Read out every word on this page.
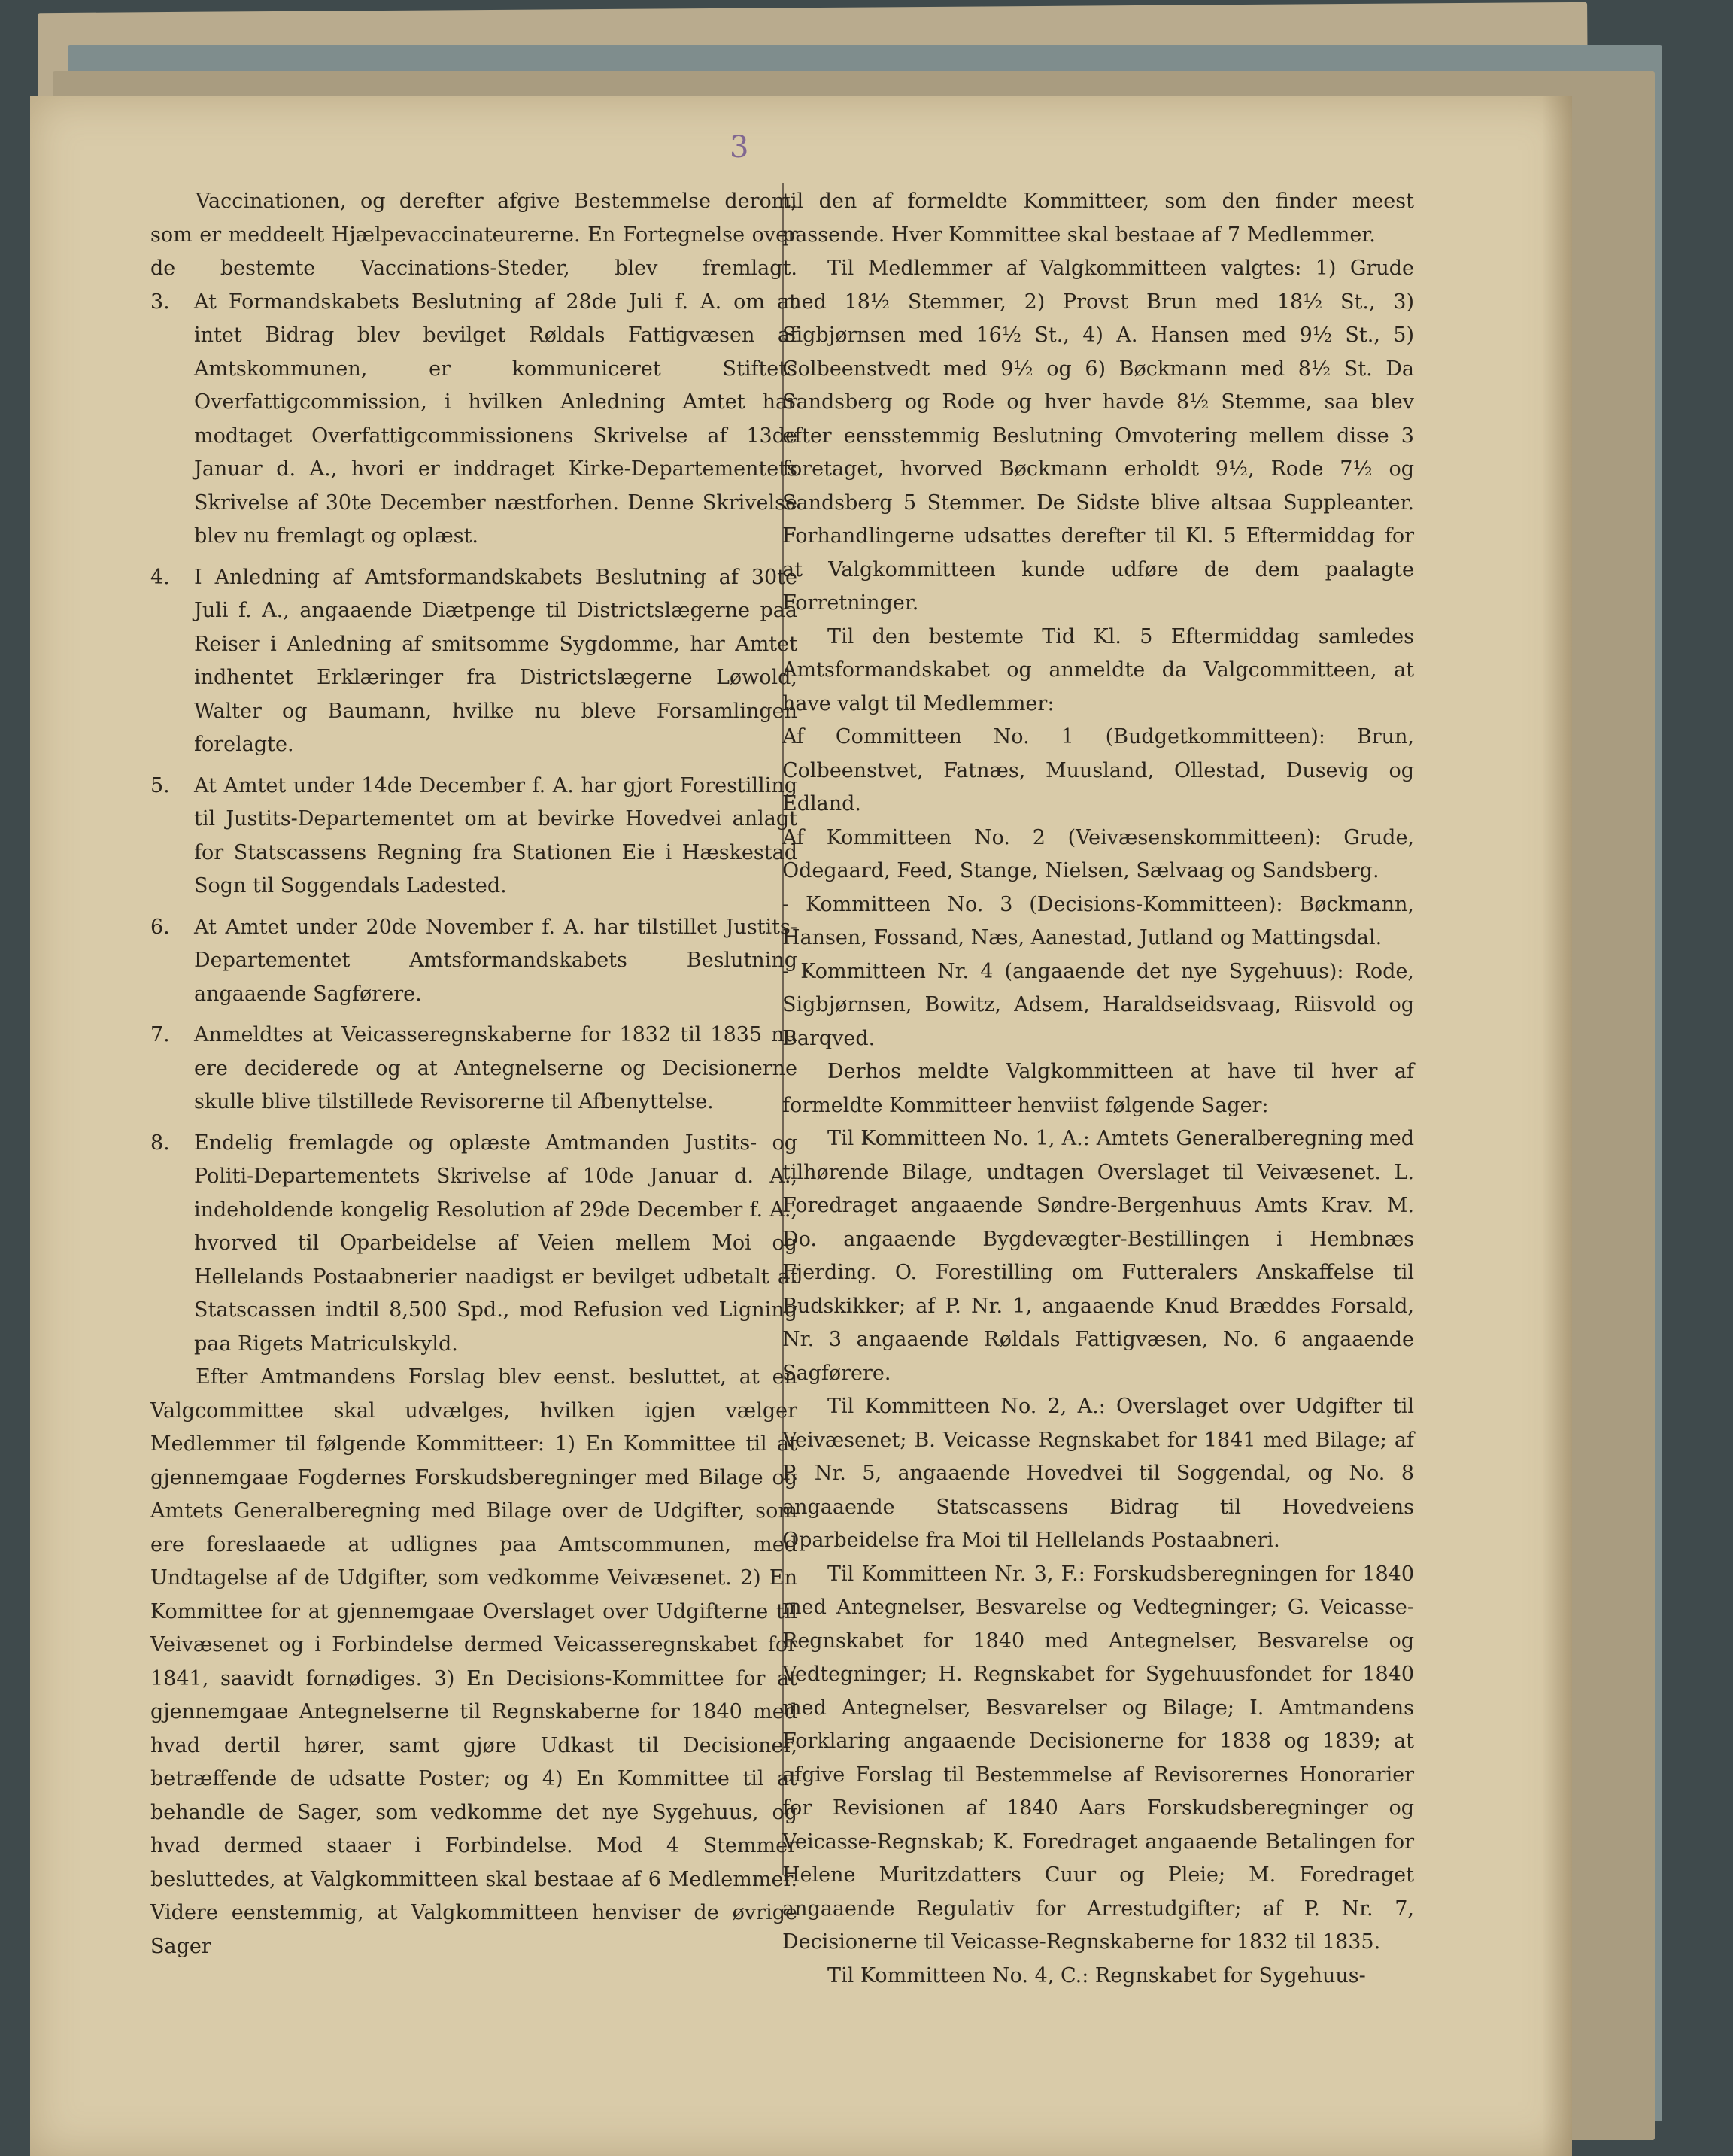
3

Vaccinationen, og derefter afgive Bestemmelse derom, som er meddeelt Hjælpevaccinateurerne. En Fortegnelse over de bestemte Vaccinations-Steder, blev fremlagt.

3. At Formandskabets Beslutning af 28de Juli f. A. om at intet Bidrag blev bevilget Røldals Fattigvæsen af Amtskommunen, er kommuniceret Stiftets Overfattigcommission, i hvilken Anledning Amtet har modtaget Overfattigcommissionens Skrivelse af 13de Januar d. A., hvori er inddraget Kirke-Departementets Skrivelse af 30te December næstforhen. Denne Skrivelse blev nu fremlagt og oplæst.

4. I Anledning af Amtsformandskabets Beslutning af 30te Juli f. A., angaaende Diætpenge til Districtslægerne paa Reiser i Anledning af smitsomme Sygdomme, har Amtet indhentet Erklæringer fra Districtslægerne Løwold, Walter og Baumann, hvilke nu bleve Forsamlingen forelagte.

5. At Amtet under 14de December f. A. har gjort Forestilling til Justits-Departementet om at bevirke Hovedvei anlagt for Statscassens Regning fra Stationen Eie i Hæskestad Sogn til Soggendals Ladested.

6. At Amtet under 20de November f. A. har tilstillet Justits-Departementet Amtsformandskabets Beslutning angaaende Sagførere.

7. Anmeldtes at Veicasseregnskaberne for 1832 til 1835 nu ere deciderede og at Antegnelserne og Decisionerne skulle blive tilstillede Revisorerne til Afbenyttelse.

8. Endelig fremlagde og oplæste Amtmanden Justits- og Politi-Departementets Skrivelse af 10de Januar d. A., indeholdende kongelig Resolution af 29de December f. A., hvorved til Oparbeidelse af Veien mellem Moi og Hellelands Postaabnerier naadigst er bevilget udbetalt af Statscassen indtil 8,500 Spd., mod Refusion ved Ligning paa Rigets Matriculskyld.

Efter Amtmandens Forslag blev eenst. besluttet, at en Valgcommittee skal udvælges, hvilken igjen vælger Medlemmer til følgende Kommitteer: 1) En Kommittee til at gjennemgaae Fogdernes Forskudsberegninger med Bilage og Amtets Generalberegning med Bilage over de Udgifter, som ere foreslaaede at udlignes paa Amtscommunen, med Undtagelse af de Udgifter, som vedkomme Veivæsenet. 2) En Kommittee for at gjennemgaae Overslaget over Udgifterne til Veivæsenet og i Forbindelse dermed Veicasseregnskabet for 1841, saavidt fornødiges. 3) En Decisions-Kommittee for at gjennemgaae Antegnelserne til Regnskaberne for 1840 med hvad dertil hører, samt gjøre Udkast til Decisioner, betræffende de udsatte Poster; og 4) En Kommittee til at behandle de Sager, som vedkomme det nye Sygehuus, og hvad dermed staaer i Forbindelse. Mod 4 Stemmer besluttedes, at Valgkommitteen skal bestaae af 6 Medlemmer. Videre eenstemmig, at Valgkommitteen henviser de øvrige Sager

til den af formeldte Kommitteer, som den finder meest passende. Hver Kommittee skal bestaae af 7 Medlemmer.

Til Medlemmer af Valgkommitteen valgtes: 1) Grude med 18½ Stemmer, 2) Provst Brun med 18½ St., 3) Sigbjørnsen med 16½ St., 4) A. Hansen med 9½ St., 5) Colbeenstvedt med 9½ og 6) Bøckmann med 8½ St. Da Sandsberg og Rode og hver havde 8½ Stemme, saa blev efter eensstemmig Beslutning Omvotering mellem disse 3 foretaget, hvorved Bøckmann erholdt 9½, Rode 7½ og Sandsberg 5 Stemmer. De Sidste blive altsaa Suppleanter. Forhandlingerne udsattes derefter til Kl. 5 Eftermiddag for at Valgkommitteen kunde udføre de dem paalagte Forretninger.

Til den bestemte Tid Kl. 5 Eftermiddag samledes Amtsformandskabet og anmeldte da Valgcommitteen, at have valgt til Medlemmer:

Af Committeen No. 1 (Budgetkommitteen): Brun, Colbeenstvet, Fatnæs, Muusland, Ollestad, Dusevig og Edland.

Af Kommitteen No. 2 (Veivæsenskommitteen): Grude, Odegaard, Feed, Stange, Nielsen, Sælvaag og Sandsberg.

- Kommitteen No. 3 (Decisions-Kommitteen): Bøckmann, Hansen, Fossand, Næs, Aanestad, Jutland og Mattingsdal.

- Kommitteen Nr. 4 (angaaende det nye Sygehuus): Rode, Sigbjørnsen, Bowitz, Adsem, Haraldseidsvaag, Riisvold og Barqved.

Derhos meldte Valgkommitteen at have til hver af formeldte Kommitteer henviist følgende Sager:

Til Kommitteen No. 1, A.: Amtets Generalberegning med tilhørende Bilage, undtagen Overslaget til Veivæsenet. L. Foredraget angaaende Søndre-Bergenhuus Amts Krav. M. Do. angaaende Bygdevægter-Bestillingen i Hembnæs Fjerding. O. Forestilling om Futteralers Anskaffelse til Budskikker; af P. Nr. 1, angaaende Knud Bræddes Forsald, Nr. 3 angaaende Røldals Fattigvæsen, No. 6 angaaende Sagførere.

Til Kommitteen No. 2, A.: Overslaget over Udgifter til Veivæsenet; B. Veicasse Regnskabet for 1841 med Bilage; af P. Nr. 5, angaaende Hovedvei til Soggendal, og No. 8 angaaende Statscassens Bidrag til Hovedveiens Oparbeidelse fra Moi til Hellelands Postaabneri.

Til Kommitteen Nr. 3, F.: Forskudsberegningen for 1840 med Antegnelser, Besvarelse og Vedtegninger; G. Veicasse-Regnskabet for 1840 med Antegnelser, Besvarelse og Vedtegninger; H. Regnskabet for Sygehuusfondet for 1840 med Antegnelser, Besvarelser og Bilage; I. Amtmandens Forklaring angaaende Decisionerne for 1838 og 1839; at afgive Forslag til Bestemmelse af Revisorernes Honorarier for Revisionen af 1840 Aars Forskudsberegninger og Veicasse-Regnskab; K. Foredraget angaaende Betalingen for Helene Muritzdatters Cuur og Pleie; M. Foredraget angaaende Regulativ for Arrestudgifter; af P. Nr. 7, Decisionerne til Veicasse-Regnskaberne for 1832 til 1835.

Til Kommitteen No. 4, C.: Regnskabet for Sygehuus-
